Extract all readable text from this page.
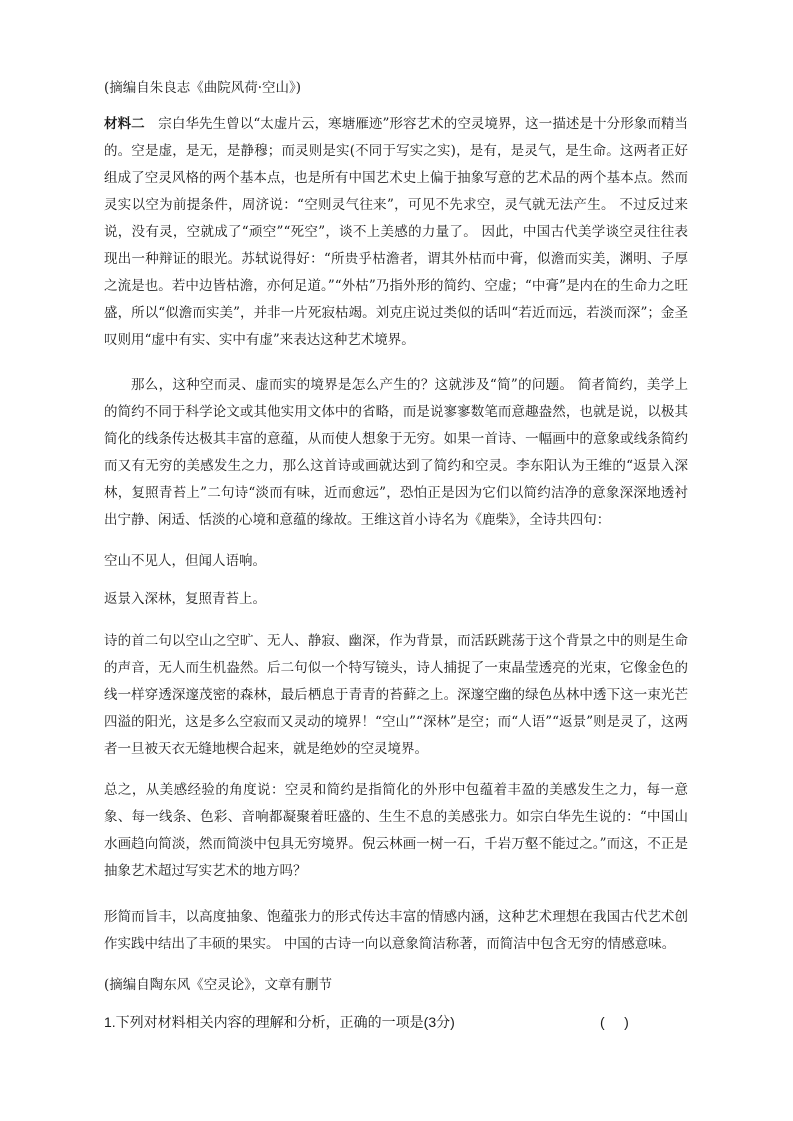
(摘编自朱良志《曲院风荷·空山》)

材料二　宗白华先生曾以“太虚片云，寒塘雁迹”形容艺术的空灵境界，这一描述是十分形象而精当的。空是虚，是无，是静穆；而灵则是实(不同于写实之实)，是有，是灵气，是生命。这两者正好组成了空灵风格的两个基本点，也是所有中国艺术史上偏于抽象写意的艺术品的两个基本点。然而灵实以空为前提条件，周济说：“空则灵气往来”，可见不先求空，灵气就无法产生。 不过反过来说，没有灵，空就成了“顽空”“死空”，谈不上美感的力量了。 因此，中国古代美学谈空灵往往表现出一种辩证的眼光。苏轼说得好：“所贵乎枯澹者，谓其外枯而中膏，似澹而实美，渊明、子厚之流是也。若中边皆枯澹，亦何足道。”“外枯”乃指外形的简约、空虚；“中膏”是内在的生命力之旺盛，所以“似澹而实美”，并非一片死寂枯竭。刘克庄说过类似的话叫“若近而远，若淡而深”；金圣叹则用“虚中有实、实中有虚”来表达这种艺术境界。

那么，这种空而灵、虚而实的境界是怎么产生的？这就涉及“简”的问题。 简者简约，美学上的简约不同于科学论文或其他实用文体中的省略，而是说寥寥数笔而意趣盎然，也就是说，以极其简化的线条传达极其丰富的意蕴，从而使人想象于无穷。如果一首诗、一幅画中的意象或线条简约而又有无穷的美感发生之力，那么这首诗或画就达到了简约和空灵。李东阳认为王维的“返景入深林，复照青苔上”二句诗“淡而有味，近而愈远”，恐怕正是因为它们以简约洁净的意象深深地透衬出宁静、闲适、恬淡的心境和意蕴的缘故。王维这首小诗名为《鹿柴》，全诗共四句：

空山不见人，但闻人语响。

返景入深林，复照青苔上。

诗的首二句以空山之空旷、无人、静寂、幽深，作为背景，而活跃跳荡于这个背景之中的则是生命的声音，无人而生机盎然。后二句似一个特写镜头，诗人捕捉了一束晶莹透亮的光束，它像金色的线一样穿透深邃茂密的森林，最后栖息于青青的苔藓之上。深邃空幽的绿色丛林中透下这一束光芒四溢的阳光，这是多么空寂而又灵动的境界！“空山”“深林”是空；而“人语”“返景”则是灵了，这两者一旦被天衣无缝地楔合起来，就是绝妙的空灵境界。

总之，从美感经验的角度说：空灵和简约是指简化的外形中包蕴着丰盈的美感发生之力，每一意象、每一线条、色彩、音响都凝聚着旺盛的、生生不息的美感张力。如宗白华先生说的：“中国山水画趋向简淡，然而简淡中包具无穷境界。倪云林画一树一石，千岩万壑不能过之。”而这，不正是抽象艺术超过写实艺术的地方吗？

形简而旨丰，以高度抽象、饱蕴张力的形式传达丰富的情感内涵，这种艺术理想在我国古代艺术创作实践中结出了丰硕的果实。 中国的古诗一向以意象简洁称著，而简洁中包含无穷的情感意味。

(摘编自陶东风《空灵论》，文章有删节

1.下列对材料相关内容的理解和分析，正确的一项是(3分)	(     )
